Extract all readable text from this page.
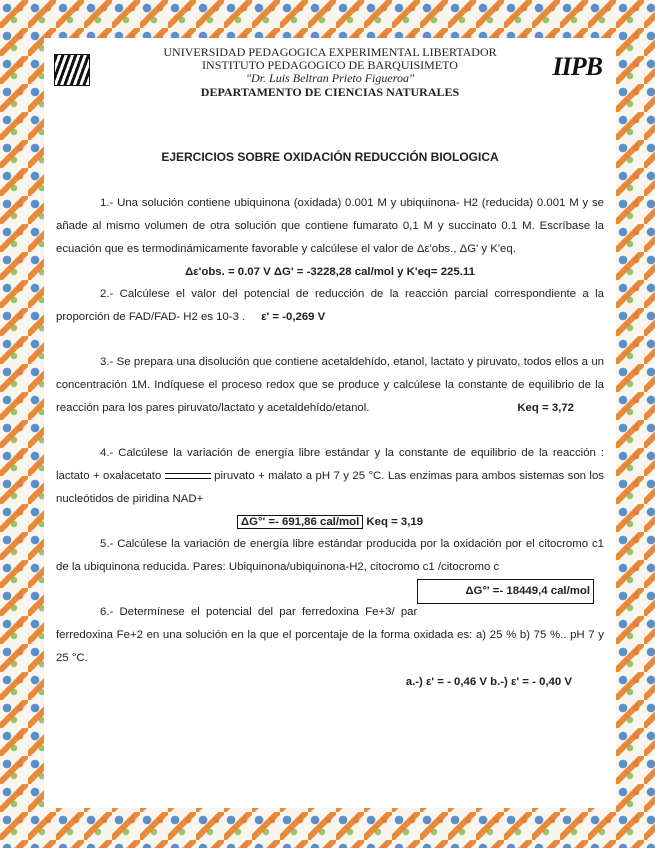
UNIVERSIDAD PEDAGOGICA EXPERIMENTAL LIBERTADOR
INSTITUTO PEDAGOGICO DE BARQUISIMETO
"Dr. Luis Beltran Prieto Figueroa"
DEPARTAMENTO DE CIENCIAS NATURALES
IIPB
EJERCICIOS SOBRE OXIDACIÓN REDUCCIÓN BIOLOGICA

1.- Una solución contiene ubiquinona (oxidada) 0.001 M y ubiquinona- H2 (reducida) 0.001 M y se añade al mismo volumen de otra solución que contiene fumarato 0,1 M y succinato 0.1 M. Escríbase la ecuación que es termodinámicamente favorable y calcúlese el valor de Δε'obs., ΔG' y K'eq.

Δε'obs. = 0.07 V ΔG' = -3228,28 cal/mol y K'eq= 225.11

2.- Calcúlese el valor del potencial de reducción de la reacción parcial correspondiente a la proporción de FAD/FAD- H2 es 10-3 . ε' = -0,269 V

3.- Se prepara una disolución que contiene acetaldehído, etanol, lactato y piruvato, todos ellos a un concentración 1M. Indíquese el proceso redox que se produce y calcúlese la constante de equilibrio de la reacción para los pares piruvato/lactato y acetaldehído/etanol.	Keq = 3,72

4.- Calcúlese la variación de energía libre estándar y la constante de equilibrio de la reacción : lactato + oxalacetato	piruvato + malato a pH 7 y 25 °C. Las enzimas para ambos sistemas son los nucleótidos de piridina NAD+

ΔG°' =- 691,86 cal/mol Keq = 3,19

5.- Calcúlese la variación de energía libre estándar producida por la oxidación por el citocromo c1 de la ubiquinona reducida. Pares: Ubiquinona/ubiquinona-H2, citocromo c1 /citocromo c
ΔG°' =- 18449,4 cal/mol

6.- Determínese el potencial del par ferredoxina Fe+3/ par ferredoxina Fe+2 en una solución en la que el porcentaje de la forma oxidada es: a) 25 % b) 75 %.. pH 7 y 25 °C.

a.-) ε' = - 0,46 V b.-) ε' = - 0,40 V
